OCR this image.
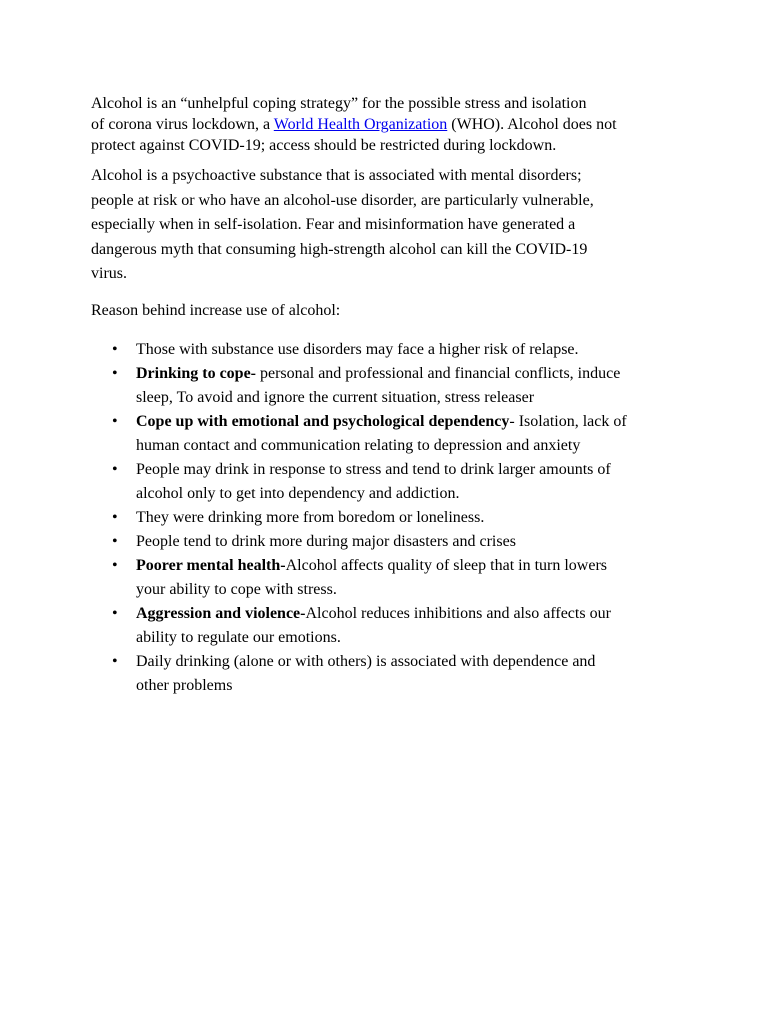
Alcohol is an “unhelpful coping strategy” for the possible stress and isolation
of corona virus lockdown, a World Health Organization (WHO). Alcohol does not
protect against COVID-19; access should be restricted during lockdown.

Alcohol is a psychoactive substance that is associated with mental disorders;
people at risk or who have an alcohol-use disorder, are particularly vulnerable,
especially when in self-isolation. Fear and misinformation have generated a
dangerous myth that consuming high-strength alcohol can kill the COVID-19
virus.

Reason behind increase use of alcohol:

• Those with substance use disorders may face a higher risk of relapse.
• Drinking to cope- personal and professional and financial conflicts, induce
sleep, To avoid and ignore the current situation, stress releaser
• Cope up with emotional and psychological dependency- Isolation, lack of
human contact and communication relating to depression and anxiety
• People may drink in response to stress and tend to drink larger amounts of
alcohol only to get into dependency and addiction.
• They were drinking more from boredom or loneliness.
• People tend to drink more during major disasters and crises
• Poorer mental health-Alcohol affects quality of sleep that in turn lowers
your ability to cope with stress.
• Aggression and violence-Alcohol reduces inhibitions and also affects our
ability to regulate our emotions.
• Daily drinking (alone or with others) is associated with dependence and
other problems
